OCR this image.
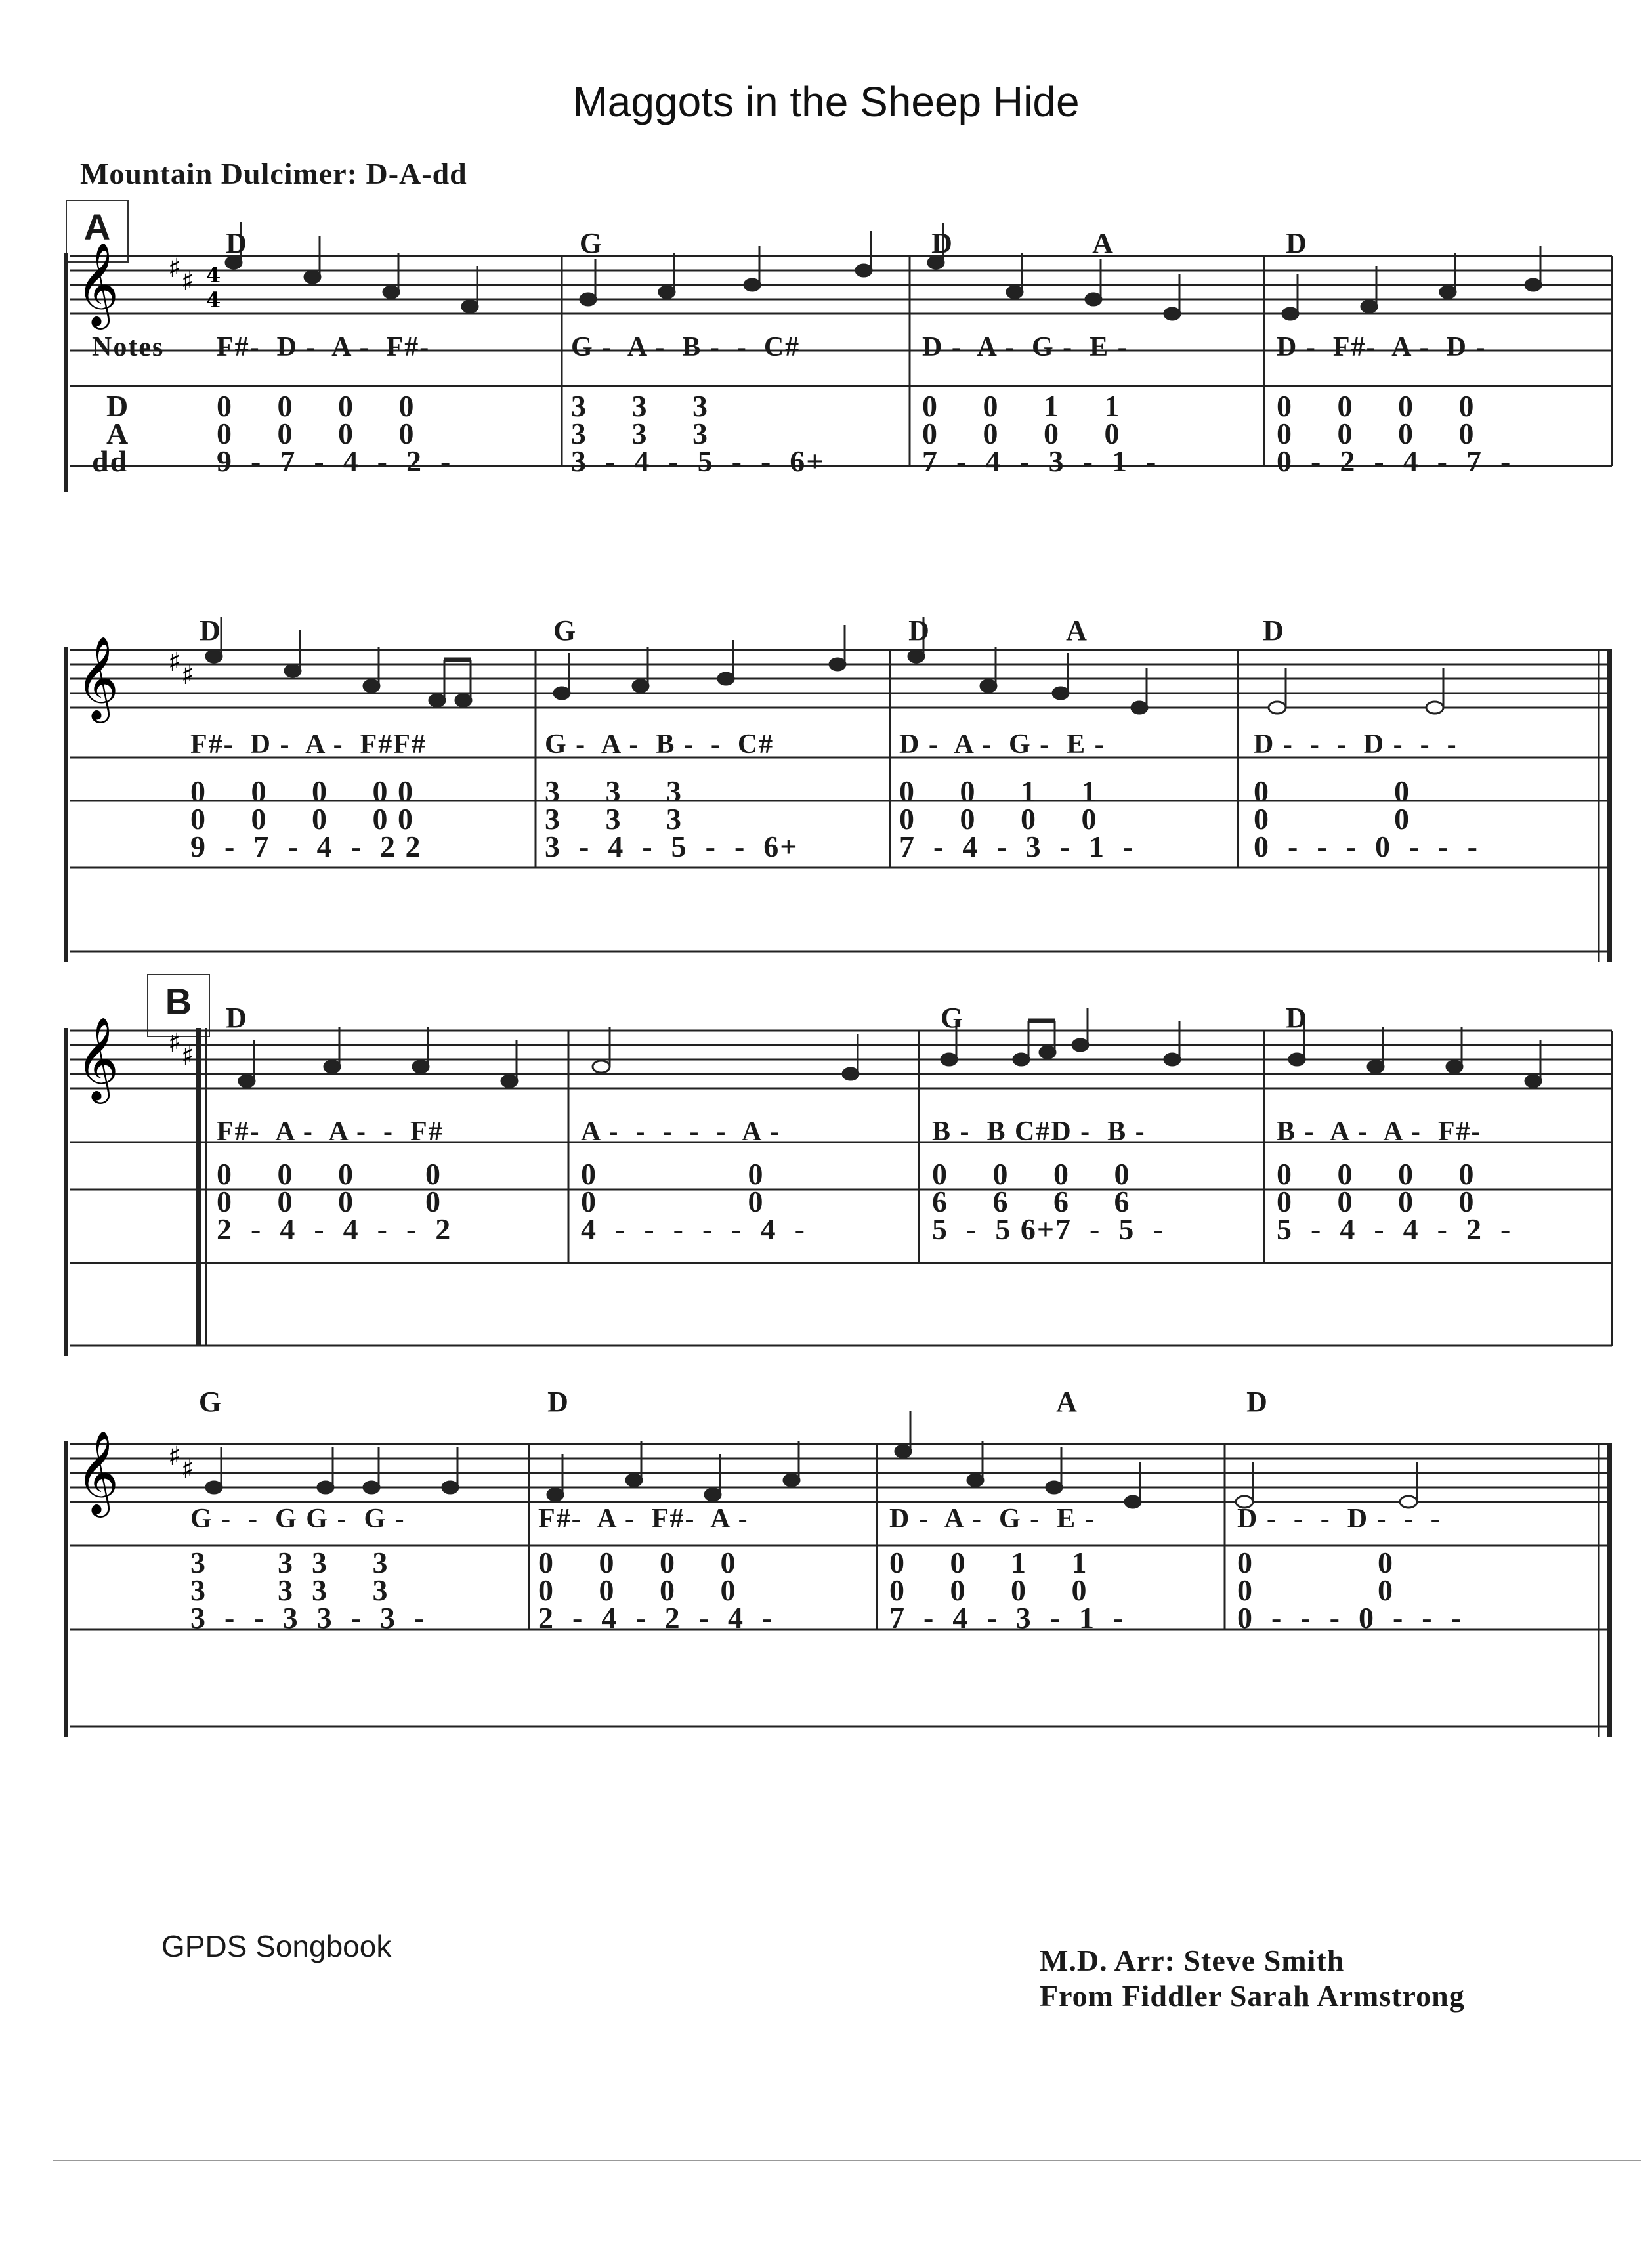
Maggots in the Sheep Hide
Mountain Dulcimer: D-A-dd
A
B
𝄞 ♯ ♯ 4
4
𝄞 ♯ ♯
𝄞 ♯ ♯
𝄞 ♯ ♯
Notes
D
A
dd
D
F#-  D -  A -  F#-
0     0     0     0
0     0     0     0
9  -  7  -  4  -  2  -
G
G -  A -  B -  -  C#
3     3     3
3     3     3
3  -  4  -  5  -  -  6+
D	A
D -  A -  G -  E -
0     0     1     1
0     0     0     0
7  -  4  -  3  -  1  -
D
D -  F#-  A -  D -
0     0     0     0
0     0     0     0
0  -  2  -  4  -  7  -
D
F#-  D -  A -  F#F#
0     0     0     0 0
0     0     0     0 0
9  -  7  -  4  -  2 2
G
G -  A -  B -  -  C#
3     3     3
3     3     3
3  -  4  -  5  -  -  6+
D	A
D -  A -  G -  E -
0     0     1     1
0     0     0     0
7  -  4  -  3  -  1  -
D
D -  -  -  D -  -  -
0              0
0              0
0  -  -  -  0  -  -  -
D
F#-  A -  A -  -  F#
0     0     0        0
0     0     0        0
2  -  4  -  4  -  -  2
A -  -  -  -  -  A -
0                 0
0                 0
4  -  -  -  -  -  4  -
G
B -  B C#D -  B -
0     0     0     0
6     6     6     6
5  -  5 6+7  -  5  -
D
B -  A -  A -  F#-
0     0     0     0
0     0     0     0
5  -  4  -  4  -  2  -
G
G -  -  G G -  G -
3        3  3     3
3        3  3     3
3  -  -  3  3  -  3  -
D
F#-  A -  F#-  A -
0     0     0     0
0     0     0     0
2  -  4  -  2  -  4  -
A
D -  A -  G -  E -
0     0     1     1
0     0     0     0
7  -  4  -  3  -  1  -
D
D -  -  -  D -  -  -
0              0
0              0
0  -  -  -  0  -  -  -
GPDS Songbook	M.D. Arr: Steve Smith
From Fiddler Sarah Armstrong
